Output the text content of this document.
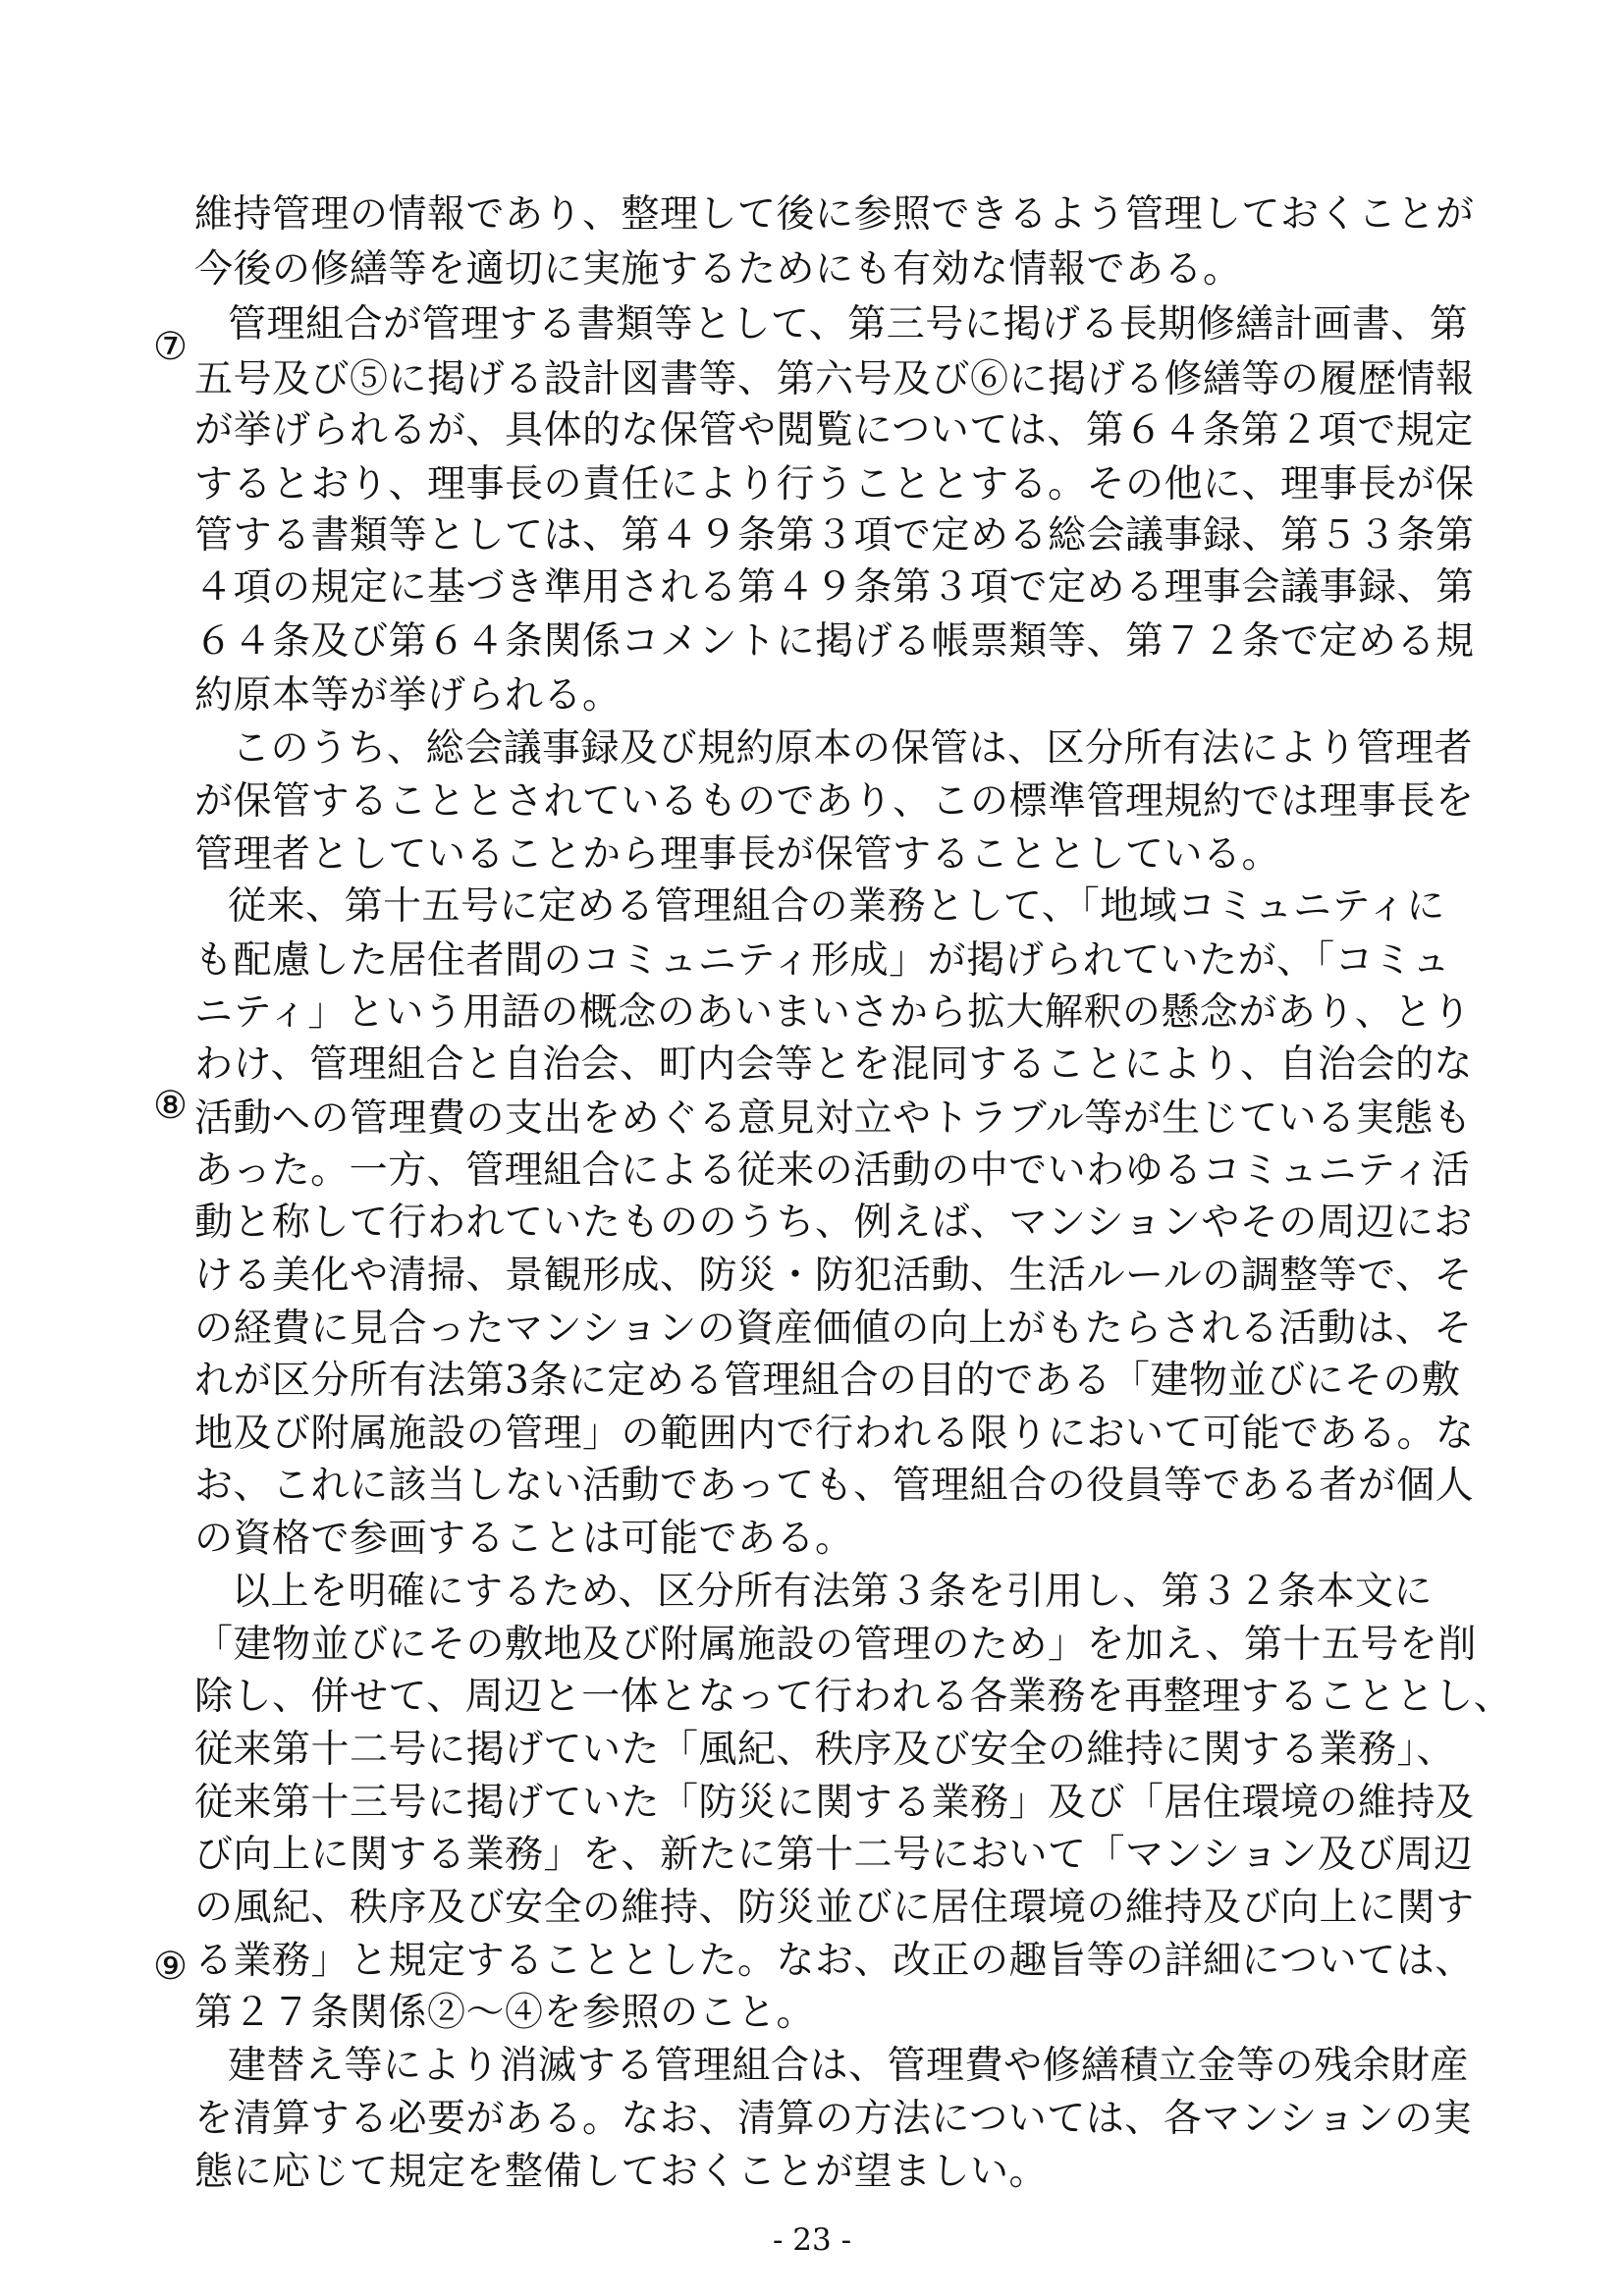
⑦
⑧
⑨

維持管理の情報であり、整理して後に参照できるよう管理しておくことが

今後の修繕等を適切に実施するためにも有効な情報である。

管理組合が管理する書類等として、第三号に掲げる長期修繕計画書、第

五号及び⑤に掲げる設計図書等、第六号及び⑥に掲げる修繕等の履歴情報

が挙げられるが、具体的な保管や閲覧については、第６４条第２項で規定

するとおり、理事長の責任により行うこととする。その他に、理事長が保

管する書類等としては、第４９条第３項で定める総会議事録、第５３条第

４項の規定に基づき準用される第４９条第３項で定める理事会議事録、第

６４条及び第６４条関係コメントに掲げる帳票類等、第７２条で定める規

約原本等が挙げられる。

このうち、総会議事録及び規約原本の保管は、区分所有法により管理者

が保管することとされているものであり、この標準管理規約では理事長を

管理者としていることから理事長が保管することとしている。

従来、第十五号に定める管理組合の業務として、「地域コミュニティに

も配慮した居住者間のコミュニティ形成」が掲げられていたが、「コミュ

ニティ」という用語の概念のあいまいさから拡大解釈の懸念があり、とり

わけ、管理組合と自治会、町内会等とを混同することにより、自治会的な

活動への管理費の支出をめぐる意見対立やトラブル等が生じている実態も

あった。一方、管理組合による従来の活動の中でいわゆるコミュニティ活

動と称して行われていたもののうち、例えば、マンションやその周辺にお

ける美化や清掃、景観形成、防災・防犯活動、生活ルールの調整等で、そ

の経費に見合ったマンションの資産価値の向上がもたらされる活動は、そ

れが区分所有法第3条に定める管理組合の目的である「建物並びにその敷

地及び附属施設の管理」の範囲内で行われる限りにおいて可能である。な

お、これに該当しない活動であっても、管理組合の役員等である者が個人

の資格で参画することは可能である。

以上を明確にするため、区分所有法第３条を引用し、第３２条本文に

「建物並びにその敷地及び附属施設の管理のため」を加え、第十五号を削

除し、併せて、周辺と一体となって行われる各業務を再整理することとし、

従来第十二号に掲げていた「風紀、秩序及び安全の維持に関する業務」、

従来第十三号に掲げていた「防災に関する業務」及び「居住環境の維持及

び向上に関する業務」を、新たに第十二号において「マンション及び周辺

の風紀、秩序及び安全の維持、防災並びに居住環境の維持及び向上に関す

る業務」と規定することとした。なお、改正の趣旨等の詳細については、

第２７条関係②～④を参照のこと。

建替え等により消滅する管理組合は、管理費や修繕積立金等の残余財産

を清算する必要がある。なお、清算の方法については、各マンションの実

態に応じて規定を整備しておくことが望ましい。

- 23 -
